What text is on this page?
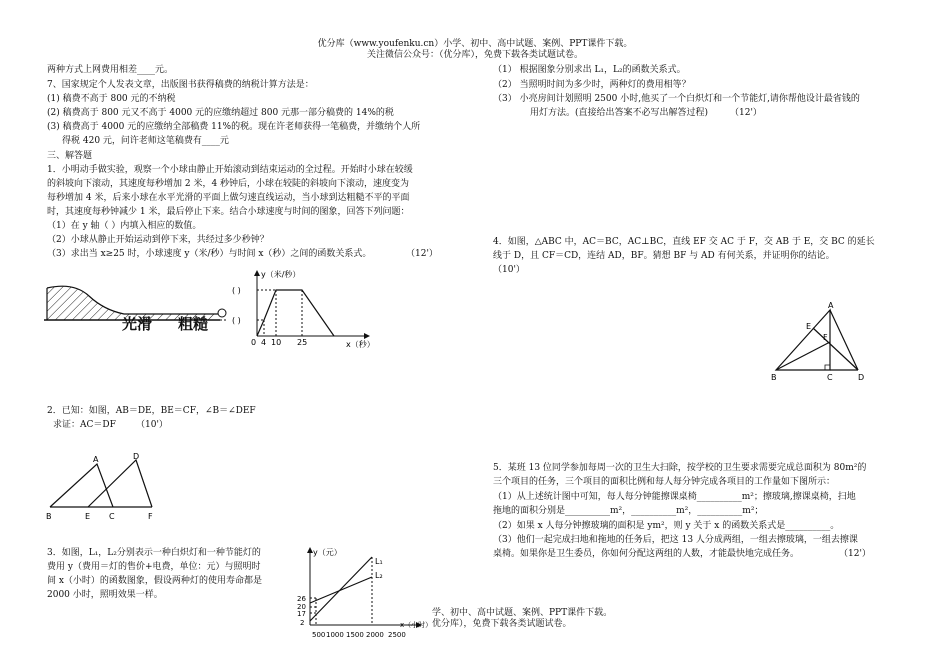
优分库（www.youfenku.cn）小学、初中、高中试题、案例、PPT课件下载。
关注微信公众号：（优分库），免费下载各类试题试卷。
两种方式上网费用相差____元。
7、国家规定个人发表文章，出版图书获得稿费的纳税计算方法是：
(1) 稿费不高于 800 元的不纳税
(2) 稿费高于 800 元又不高于 4000 元的应缴纳超过 800 元那一部分稿费的 14%的税
(3) 稿费高于 4000 元的应缴纳全部稿费 11%的税。现在许老师获得一笔稿费，并缴纳个人所
得税 420 元，问许老师这笔稿费有____元
三、解答题
1．小明动手做实验，观察一个小球由静止开始滚动到结束运动的全过程。开始时小球在较缓
的斜坡向下滚动，其速度每秒增加 2 米，4 秒钟后，小球在较陡的斜坡向下滚动，速度变为
每秒增加 4 米，后来小球在水平光滑的平面上做匀速直线运动，当小球到达粗糙不平的平面
时，其速度每秒钟减少 1 米，最后停止下来。结合小球速度与时间的图象，回答下列问题：
（1）在 y 轴（ ）内填入相应的数值。
（2）小球从静止开始运动到停下来，共经过多少秒钟？
（3）求出当 x≥25 时，小球速度 y（米/秒）与时间 x（秒）之间的函数关系式。	（12'）
光滑 粗糙
y（米/秒）
( )
( )
0 4 10 25	x（秒）
2．已知：如图，AB＝DE，BE＝CF，∠B＝∠DEF
求证：AC＝DF （10'）
A	D
B	E C	F
3．如图，L₁，L₂分别表示一种白炽灯和一种节能灯的
费用 y（费用＝灯的售价+电费，单位：元）与照明时
间 x（小时）的函数图象，假设两种灯的使用寿命都是
2000 小时，照明效果一样。
y（元）
L₁
L₂
26
20
17
2
500 1000 1500 2000 2500
x（小时）
（1） 根据图象分别求出 L₁，L₂的函数关系式。
（2） 当照明时间为多少时，两种灯的费用相等？
（3） 小亮房间计划照明 2500 小时,他买了一个白炽灯和一个节能灯,请你帮他设计最省钱的
用灯方法。(直接给出答案不必写出解答过程) （12'）
4．如图，△ABC 中，AC＝BC，AC⊥BC，直线 EF 交 AC 于 F，交 AB 于 E，交 BC 的延长
线于 D，且 CF＝CD，连结 AD，BF。猜想 BF 与 AD 有何关系，并证明你的结论。
（10'）
A
E
F
B	C	D
5．某班 13 位同学参加每周一次的卫生大扫除，按学校的卫生要求需要完成总面积为 80m²的
三个项目的任务，三个项目的面积比例和每人每分钟完成各项目的工作量如下图所示：
（1）从上述统计图中可知，每人每分钟能擦课桌椅__________m²；擦玻璃,擦课桌椅，扫地
拖地的面积分别是__________m²，__________m²，__________m²；
（2）如果 x 人每分钟擦玻璃的面积是 ym²，则 y 关于 x 的函数关系式是__________。
（3）他们一起完成扫地和拖地的任务后，把这 13 人分成两组，一组去擦玻璃，一组去擦课
桌椅。如果你是卫生委员，你如何分配这两组的人数，才能最快地完成任务。	（12'）
学、初中、高中试题、案例、PPT课件下载。
优分库），免费下载各类试题试卷。
